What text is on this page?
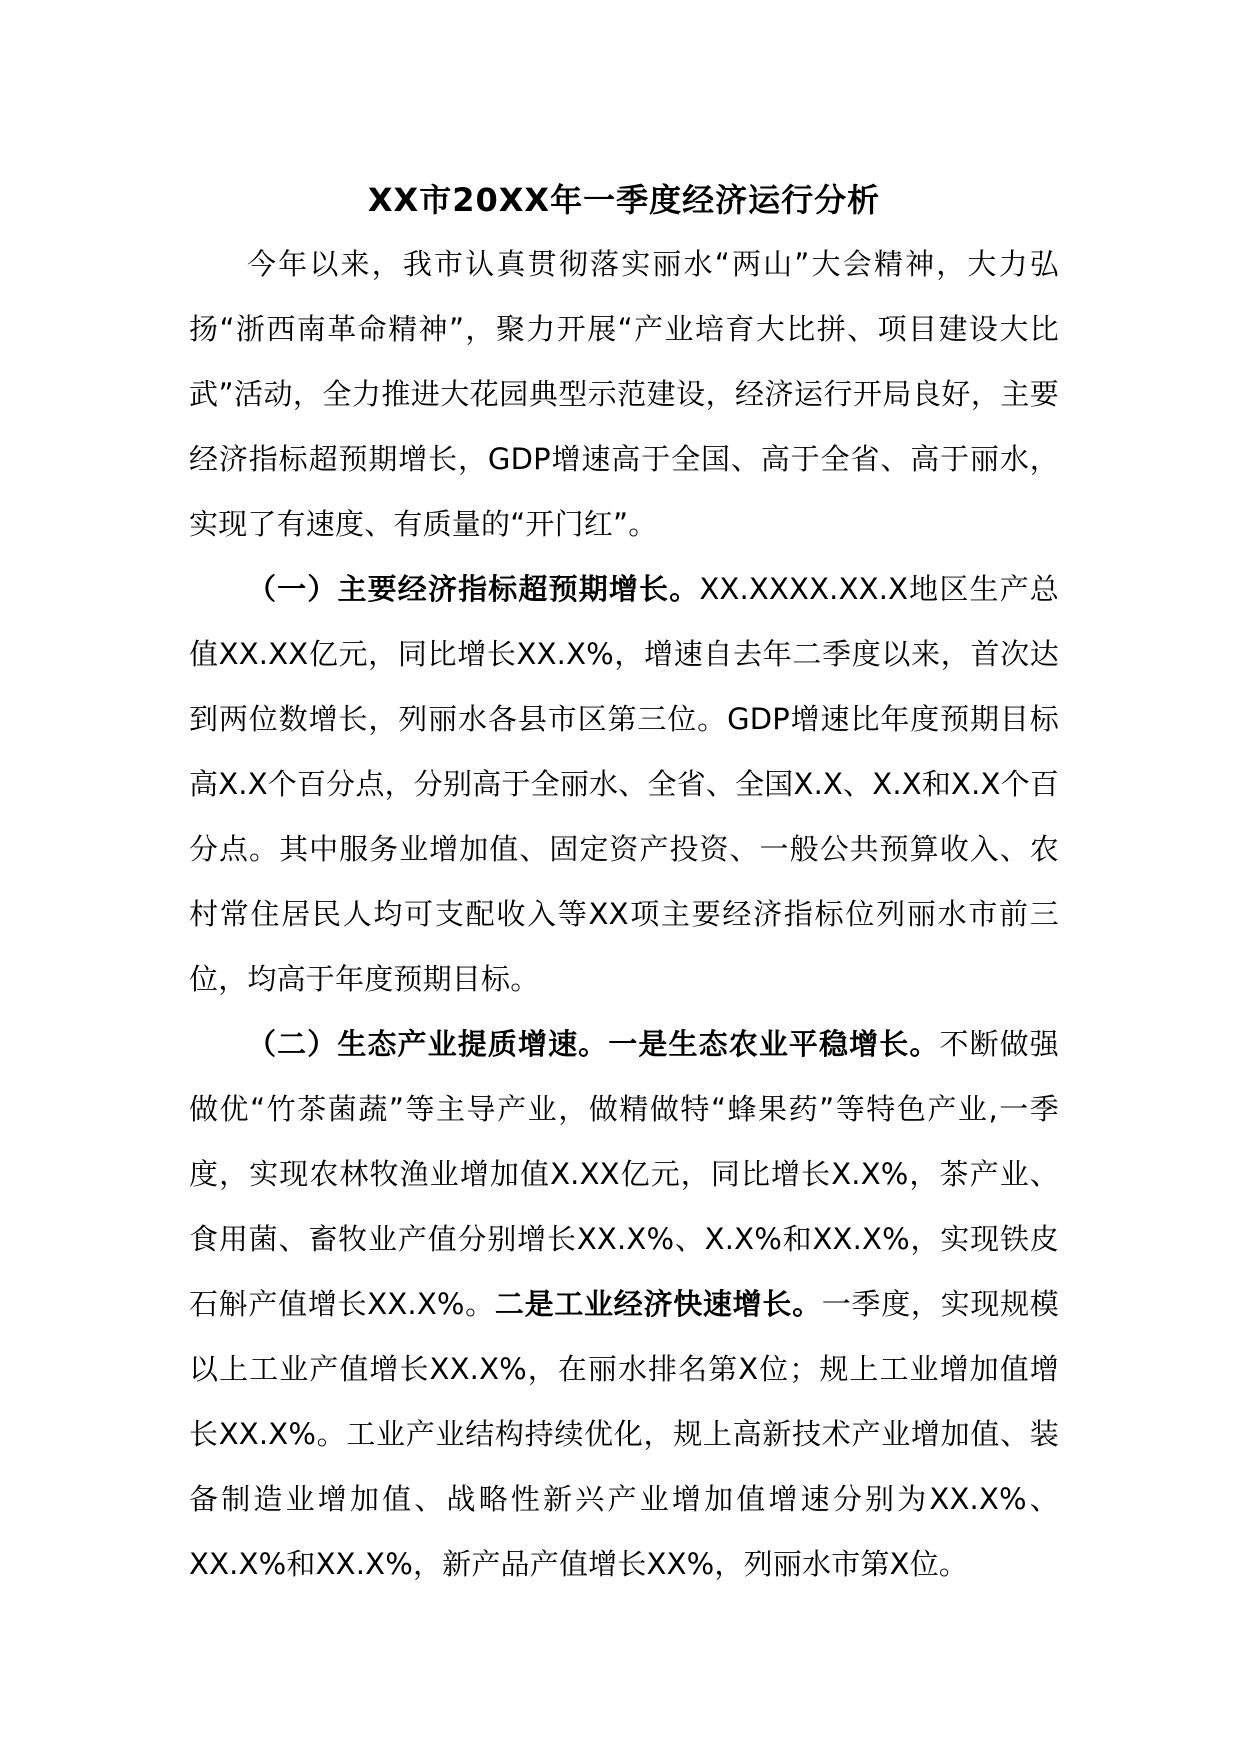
XX市20XX年一季度经济运行分析

今年以来，我市认真贯彻落实丽水“两山”大会精神，大力弘扬“浙西南革命精神”，聚力开展“产业培育大比拼、项目建设大比武”活动，全力推进大花园典型示范建设，经济运行开局良好，主要经济指标超预期增长，GDP增速高于全国、高于全省、高于丽水，实现了有速度、有质量的“开门红”。

（一）主要经济指标超预期增长。XX.XXXX.XX.X地区生产总值XX.XX亿元，同比增长XX.X%，增速自去年二季度以来，首次达到两位数增长，列丽水各县市区第三位。GDP增速比年度预期目标高X.X个百分点，分别高于全丽水、全省、全国X.X、X.X和X.X个百分点。其中服务业增加值、固定资产投资、一般公共预算收入、农村常住居民人均可支配收入等XX项主要经济指标位列丽水市前三位，均高于年度预期目标。

（二）生态产业提质增速。一是生态农业平稳增长。不断做强做优“竹茶菌蔬”等主导产业，做精做特“蜂果药”等特色产业,一季度，实现农林牧渔业增加值X.XX亿元，同比增长X.X%，茶产业、食用菌、畜牧业产值分别增长XX.X%、X.X%和XX.X%，实现铁皮石斛产值增长XX.X%。二是工业经济快速增长。一季度，实现规模以上工业产值增长XX.X%，在丽水排名第X位；规上工业增加值增长XX.X%。工业产业结构持续优化，规上高新技术产业增加值、装备制造业增加值、战略性新兴产业增加值增速分别为XX.X%、XX.X%和XX.X%，新产品产值增长XX%，列丽水市第X位。
